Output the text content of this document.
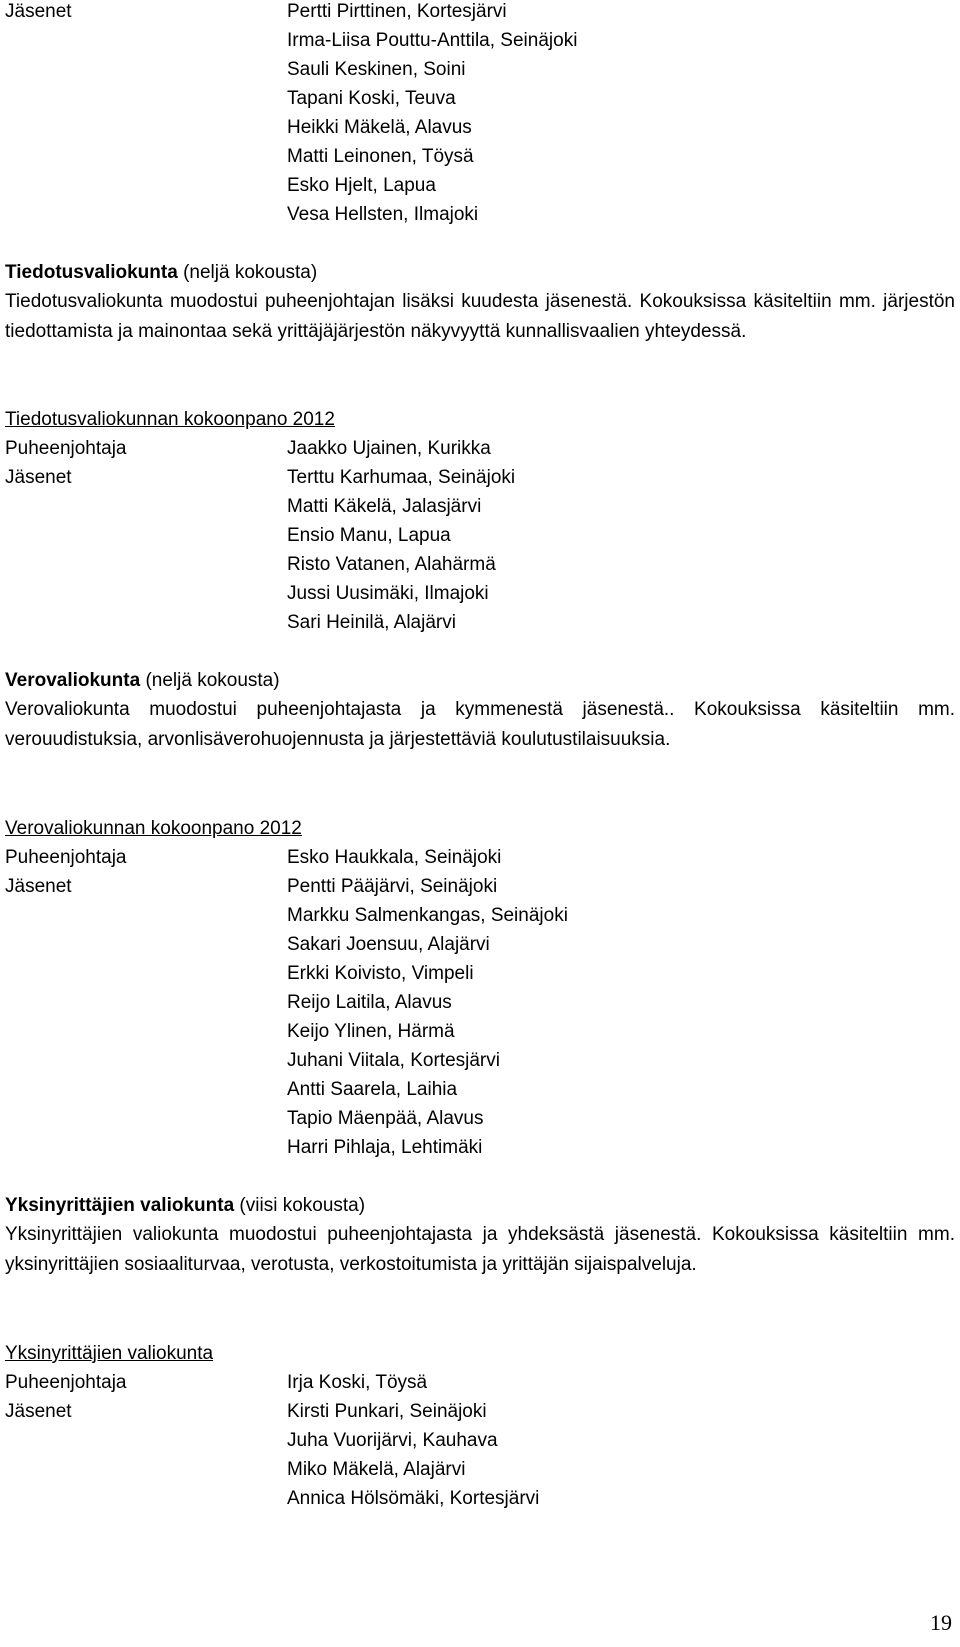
Jäsenet	Pertti Pirttinen, Kortesjärvi
Irma-Liisa Pouttu-Anttila, Seinäjoki
Sauli Keskinen, Soini
Tapani Koski, Teuva
Heikki Mäkelä, Alavus
Matti Leinonen, Töysä
Esko Hjelt, Lapua
Vesa Hellsten, Ilmajoki
Tiedotusvaliokunta (neljä kokousta)
Tiedotusvaliokunta muodostui puheenjohtajan lisäksi kuudesta jäsenestä. Kokouksissa käsiteltiin mm. järjestön tiedottamista ja mainontaa sekä yrittäjäjärjestön näkyvyyttä kunnallisvaalien yhteydessä.
Tiedotusvaliokunnan kokoonpano 2012
Puheenjohtaja	Jaakko Ujainen, Kurikka
Jäsenet	Terttu Karhumaa, Seinäjoki
Matti Käkelä, Jalasjärvi
Ensio Manu, Lapua
Risto Vatanen, Alahärmä
Jussi Uusimäki, Ilmajoki
Sari Heinilä, Alajärvi
Verovaliokunta (neljä kokousta)
Verovaliokunta muodostui puheenjohtajasta ja kymmenestä jäsenestä.. Kokouksissa käsiteltiin mm. verouudistuksia, arvonlisäverohuojennusta ja järjestettäviä koulutustilaisuuksia.
Verovaliokunnan kokoonpano 2012
Puheenjohtaja	Esko Haukkala, Seinäjoki
Jäsenet	Pentti Pääjärvi, Seinäjoki
Markku Salmenkangas, Seinäjoki
Sakari Joensuu, Alajärvi
Erkki Koivisto, Vimpeli
Reijo Laitila, Alavus
Keijo Ylinen, Härmä
Juhani Viitala, Kortesjärvi
Antti Saarela, Laihia
Tapio Mäenpää, Alavus
Harri Pihlaja, Lehtimäki
Yksinyrittäjien valiokunta (viisi kokousta)
Yksinyrittäjien valiokunta muodostui puheenjohtajasta ja yhdeksästä jäsenestä. Kokouksissa käsiteltiin mm. yksinyrittäjien sosiaaliturvaa, verotusta, verkostoitumista ja yrittäjän sijaispalveluja.
Yksinyrittäjien valiokunta
Puheenjohtaja	Irja Koski, Töysä
Jäsenet	Kirsti Punkari, Seinäjoki
Juha Vuorijärvi, Kauhava
Miko Mäkelä, Alajärvi
Annica Hölsömäki, Kortesjärvi
19
